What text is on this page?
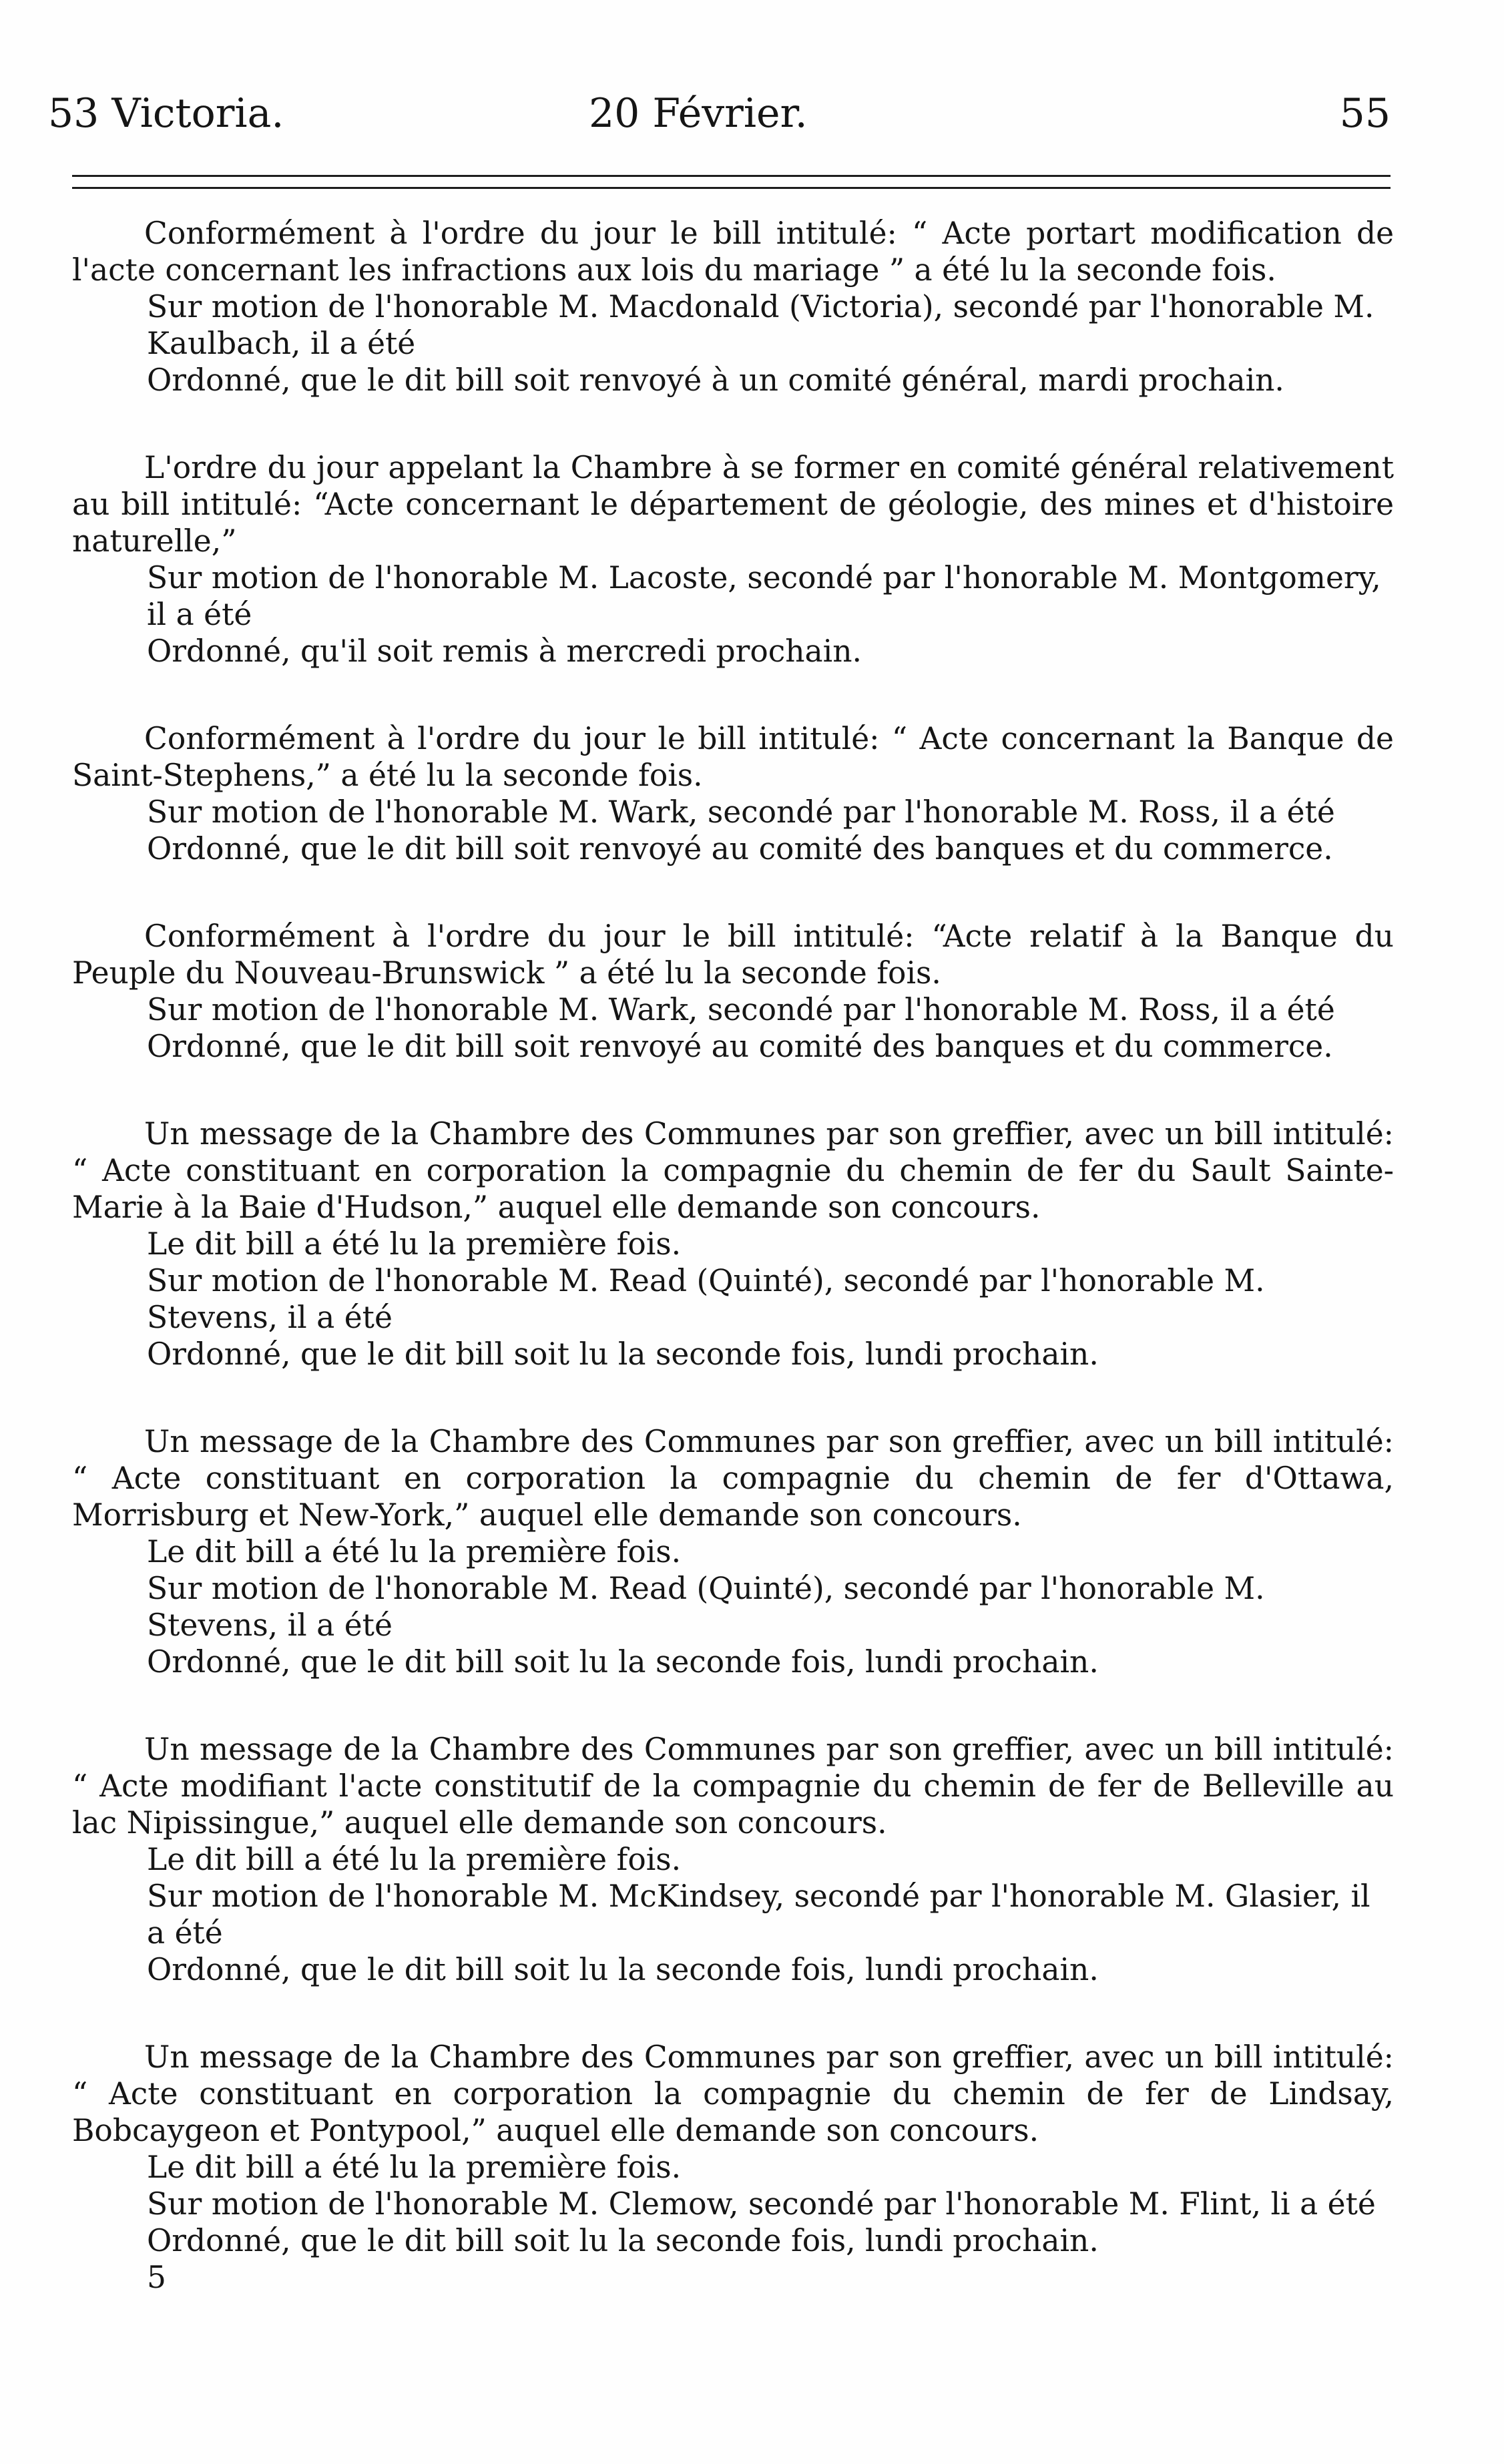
53 Victoria.	20 Février.	55

Conformément à l'ordre du jour le bill intitulé: “ Acte portart modification de l'acte concernant les infractions aux lois du mariage ” a été lu la seconde fois.

Sur motion de l'honorable M. Macdonald (Victoria), secondé par l'honorable M. Kaulbach, il a été

Ordonné, que le dit bill soit renvoyé à un comité général, mardi prochain.

L'ordre du jour appelant la Chambre à se former en comité général relativement au bill intitulé: “Acte concernant le département de géologie, des mines et d'histoire naturelle,”

Sur motion de l'honorable M. Lacoste, secondé par l'honorable M. Montgomery, il a été

Ordonné, qu'il soit remis à mercredi prochain.

Conformément à l'ordre du jour le bill intitulé: “ Acte concernant la Banque de Saint-Stephens,” a été lu la seconde fois.

Sur motion de l'honorable M. Wark, secondé par l'honorable M. Ross, il a été

Ordonné, que le dit bill soit renvoyé au comité des banques et du commerce.

Conformément à l'ordre du jour le bill intitulé: “Acte relatif à la Banque du Peuple du Nouveau-Brunswick ” a été lu la seconde fois.

Sur motion de l'honorable M. Wark, secondé par l'honorable M. Ross, il a été

Ordonné, que le dit bill soit renvoyé au comité des banques et du commerce.

Un message de la Chambre des Communes par son greffier, avec un bill intitulé: “ Acte constituant en corporation la compagnie du chemin de fer du Sault Sainte-Marie à la Baie d'Hudson,” auquel elle demande son concours.

Le dit bill a été lu la première fois.

Sur motion de l'honorable M. Read (Quinté), secondé par l'honorable M. Stevens, il a été

Ordonné, que le dit bill soit lu la seconde fois, lundi prochain.

Un message de la Chambre des Communes par son greffier, avec un bill intitulé: “ Acte constituant en corporation la compagnie du chemin de fer d'Ottawa, Morrisburg et New-York,” auquel elle demande son concours.

Le dit bill a été lu la première fois.

Sur motion de l'honorable M. Read (Quinté), secondé par l'honorable M. Stevens, il a été

Ordonné, que le dit bill soit lu la seconde fois, lundi prochain.

Un message de la Chambre des Communes par son greffier, avec un bill intitulé: “ Acte modifiant l'acte constitutif de la compagnie du chemin de fer de Belleville au lac Nipissingue,” auquel elle demande son concours.

Le dit bill a été lu la première fois.

Sur motion de l'honorable M. McKindsey, secondé par l'honorable M. Glasier, il a été

Ordonné, que le dit bill soit lu la seconde fois, lundi prochain.

Un message de la Chambre des Communes par son greffier, avec un bill intitulé: “ Acte constituant en corporation la compagnie du chemin de fer de Lindsay, Bobcaygeon et Pontypool,” auquel elle demande son concours.

Le dit bill a été lu la première fois.

Sur motion de l'honorable M. Clemow, secondé par l'honorable M. Flint, li a été

Ordonné, que le dit bill soit lu la seconde fois, lundi prochain.

5
